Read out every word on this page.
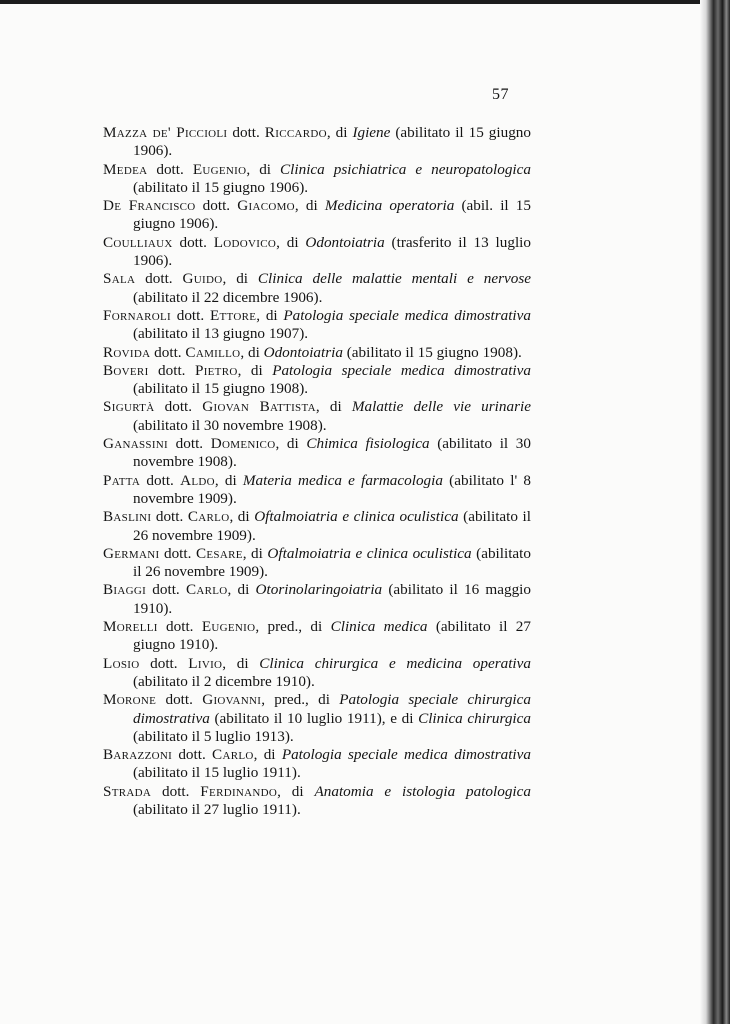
57

Mazza de' Piccioli dott. Riccardo, di Igiene (abilitato il 15 giugno 1906).

Medea dott. Eugenio, di Clinica psichiatrica e neuropatologica (abilitato il 15 giugno 1906).

De Francisco dott. Giacomo, di Medicina operatoria (abil. il 15 giugno 1906).

Coulliaux dott. Lodovico, di Odontoiatria (trasferito il 13 luglio 1906).

Sala dott. Guido, di Clinica delle malattie mentali e nervose (abilitato il 22 dicembre 1906).

Fornaroli dott. Ettore, di Patologia speciale medica dimostrativa (abilitato il 13 giugno 1907).

Rovida dott. Camillo, di Odontoiatria (abilitato il 15 giugno 1908).

Boveri dott. Pietro, di Patologia speciale medica dimostrativa (abilitato il 15 giugno 1908).

Sigurtà dott. Giovan Battista, di Malattie delle vie urinarie (abilitato il 30 novembre 1908).

Ganassini dott. Domenico, di Chimica fisiologica (abilitato il 30 novembre 1908).

Patta dott. Aldo, di Materia medica e farmacologia (abilitato l' 8 novembre 1909).

Baslini dott. Carlo, di Oftalmoiatria e clinica oculistica (abilitato il 26 novembre 1909).

Germani dott. Cesare, di Oftalmoiatria e clinica oculistica (abilitato il 26 novembre 1909).

Biaggi dott. Carlo, di Otorinolaringoiatria (abilitato il 16 maggio 1910).

Morelli dott. Eugenio, pred., di Clinica medica (abilitato il 27 giugno 1910).

Losio dott. Livio, di Clinica chirurgica e medicina operativa (abilitato il 2 dicembre 1910).

Morone dott. Giovanni, pred., di Patologia speciale chirurgica dimostrativa (abilitato il 10 luglio 1911), e di Clinica chirurgica (abilitato il 5 luglio 1913).

Barazzoni dott. Carlo, di Patologia speciale medica dimostrativa (abilitato il 15 luglio 1911).

Strada dott. Ferdinando, di Anatomia e istologia patologica (abilitato il 27 luglio 1911).
